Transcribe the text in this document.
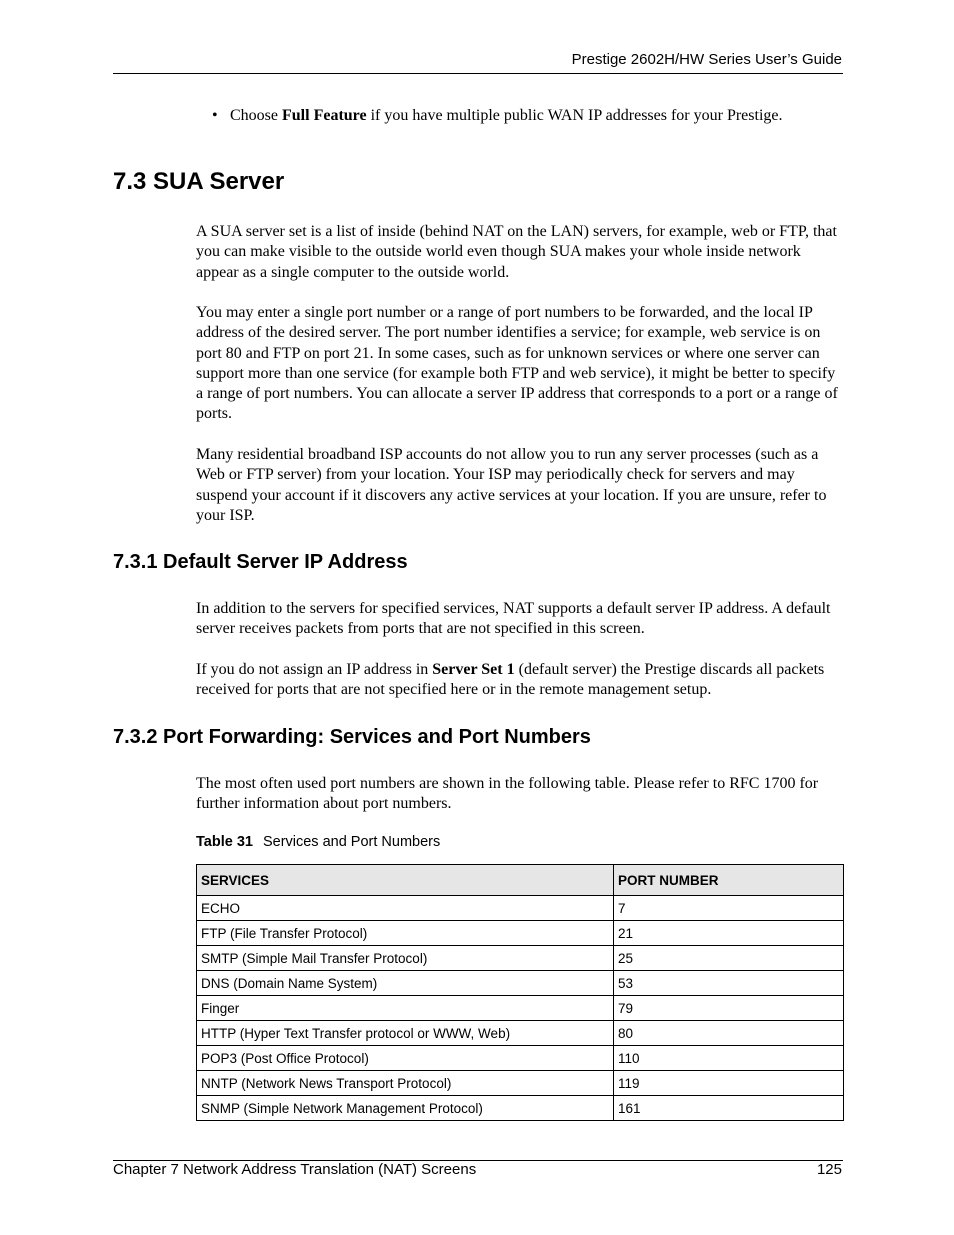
Prestige 2602H/HW Series User’s Guide
• Choose Full Feature if you have multiple public WAN IP addresses for your Prestige.
7.3 SUA Server

A SUA server set is a list of inside (behind NAT on the LAN) servers, for example, web or FTP, that you can make visible to the outside world even though SUA makes your whole inside network appear as a single computer to the outside world.

You may enter a single port number or a range of port numbers to be forwarded, and the local IP address of the desired server. The port number identifies a service; for example, web service is on port 80 and FTP on port 21. In some cases, such as for unknown services or where one server can support more than one service (for example both FTP and web service), it might be better to specify a range of port numbers. You can allocate a server IP address that corresponds to a port or a range of ports.

Many residential broadband ISP accounts do not allow you to run any server processes (such as a Web or FTP server) from your location. Your ISP may periodically check for servers and may suspend your account if it discovers any active services at your location. If you are unsure, refer to your ISP.

7.3.1 Default Server IP Address

In addition to the servers for specified services, NAT supports a default server IP address. A default server receives packets from ports that are not specified in this screen.

If you do not assign an IP address in Server Set 1 (default server) the Prestige discards all packets received for ports that are not specified here or in the remote management setup.

7.3.2 Port Forwarding: Services and Port Numbers

The most often used port numbers are shown in the following table. Please refer to RFC 1700 for further information about port numbers.

Table 31 Services and Port Numbers
SERVICES	PORT NUMBER
ECHO	7
FTP (File Transfer Protocol)	21
SMTP (Simple Mail Transfer Protocol)	25
DNS (Domain Name System)	53
Finger	79
HTTP (Hyper Text Transfer protocol or WWW, Web)	80
POP3 (Post Office Protocol)	110
NNTP (Network News Transport Protocol)	119
SNMP (Simple Network Management Protocol)	161
Chapter 7 Network Address Translation (NAT) Screens	125
